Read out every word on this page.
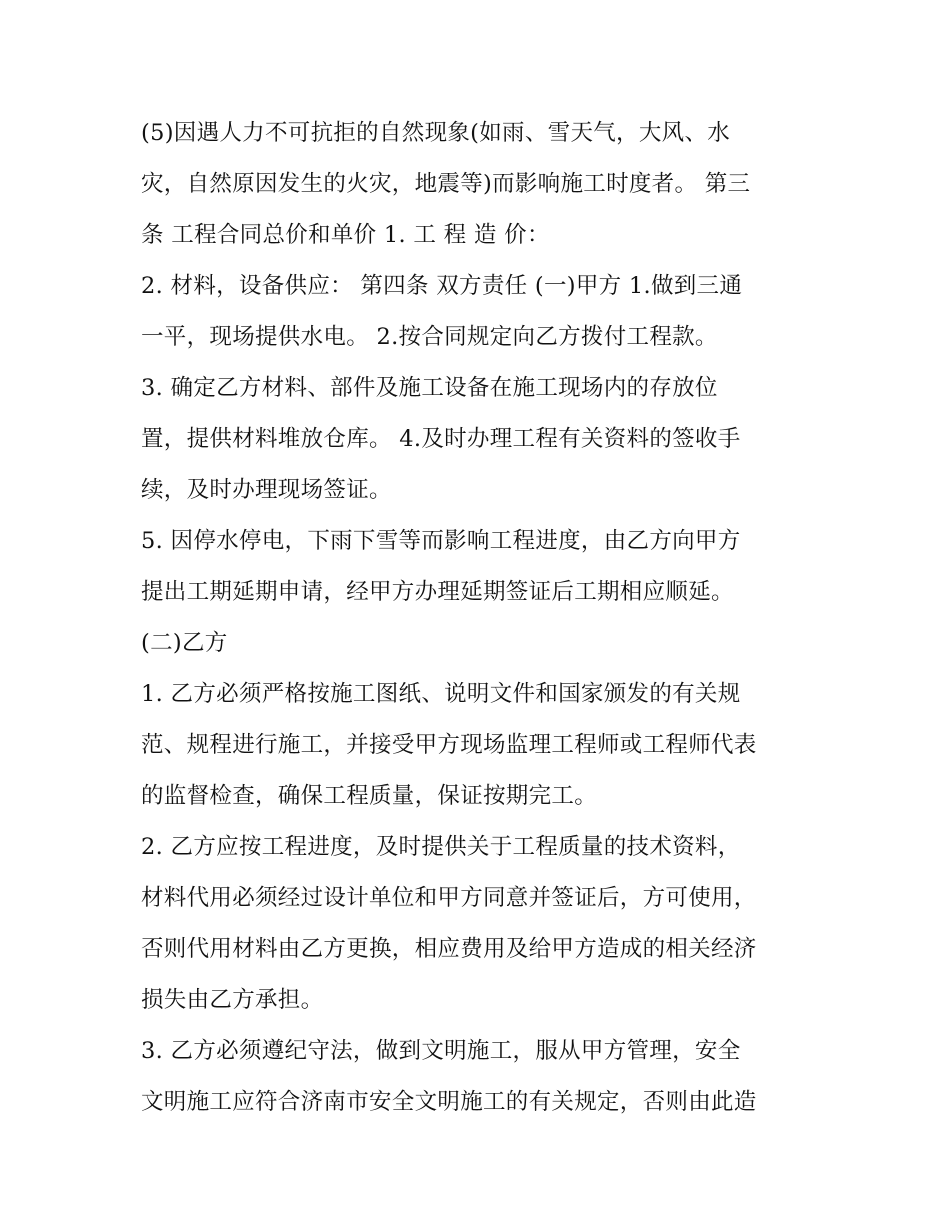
(5)因遇人力不可抗拒的自然现象(如雨、雪天气，大风、水
灾，自然原因发生的火灾，地震等)而影响施工时度者。 第三
条 工程合同总价和单价 1. 工 程 造 价：
2. 材料，设备供应： 第四条 双方责任 (一)甲方 1.做到三通
一平，现场提供水电。 2.按合同规定向乙方拨付工程款。
3. 确定乙方材料、部件及施工设备在施工现场内的存放位
置，提供材料堆放仓库。 4.及时办理工程有关资料的签收手
续，及时办理现场签证。
5. 因停水停电，下雨下雪等而影响工程进度，由乙方向甲方
提出工期延期申请，经甲方办理延期签证后工期相应顺延。
(二)乙方
1. 乙方必须严格按施工图纸、说明文件和国家颁发的有关规
范、规程进行施工，并接受甲方现场监理工程师或工程师代表
的监督检查，确保工程质量，保证按期完工。
2. 乙方应按工程进度，及时提供关于工程质量的技术资料，
材料代用必须经过设计单位和甲方同意并签证后，方可使用，
否则代用材料由乙方更换，相应费用及给甲方造成的相关经济
损失由乙方承担。
3. 乙方必须遵纪守法，做到文明施工，服从甲方管理，安全
文明施工应符合济南市安全文明施工的有关规定，否则由此造
